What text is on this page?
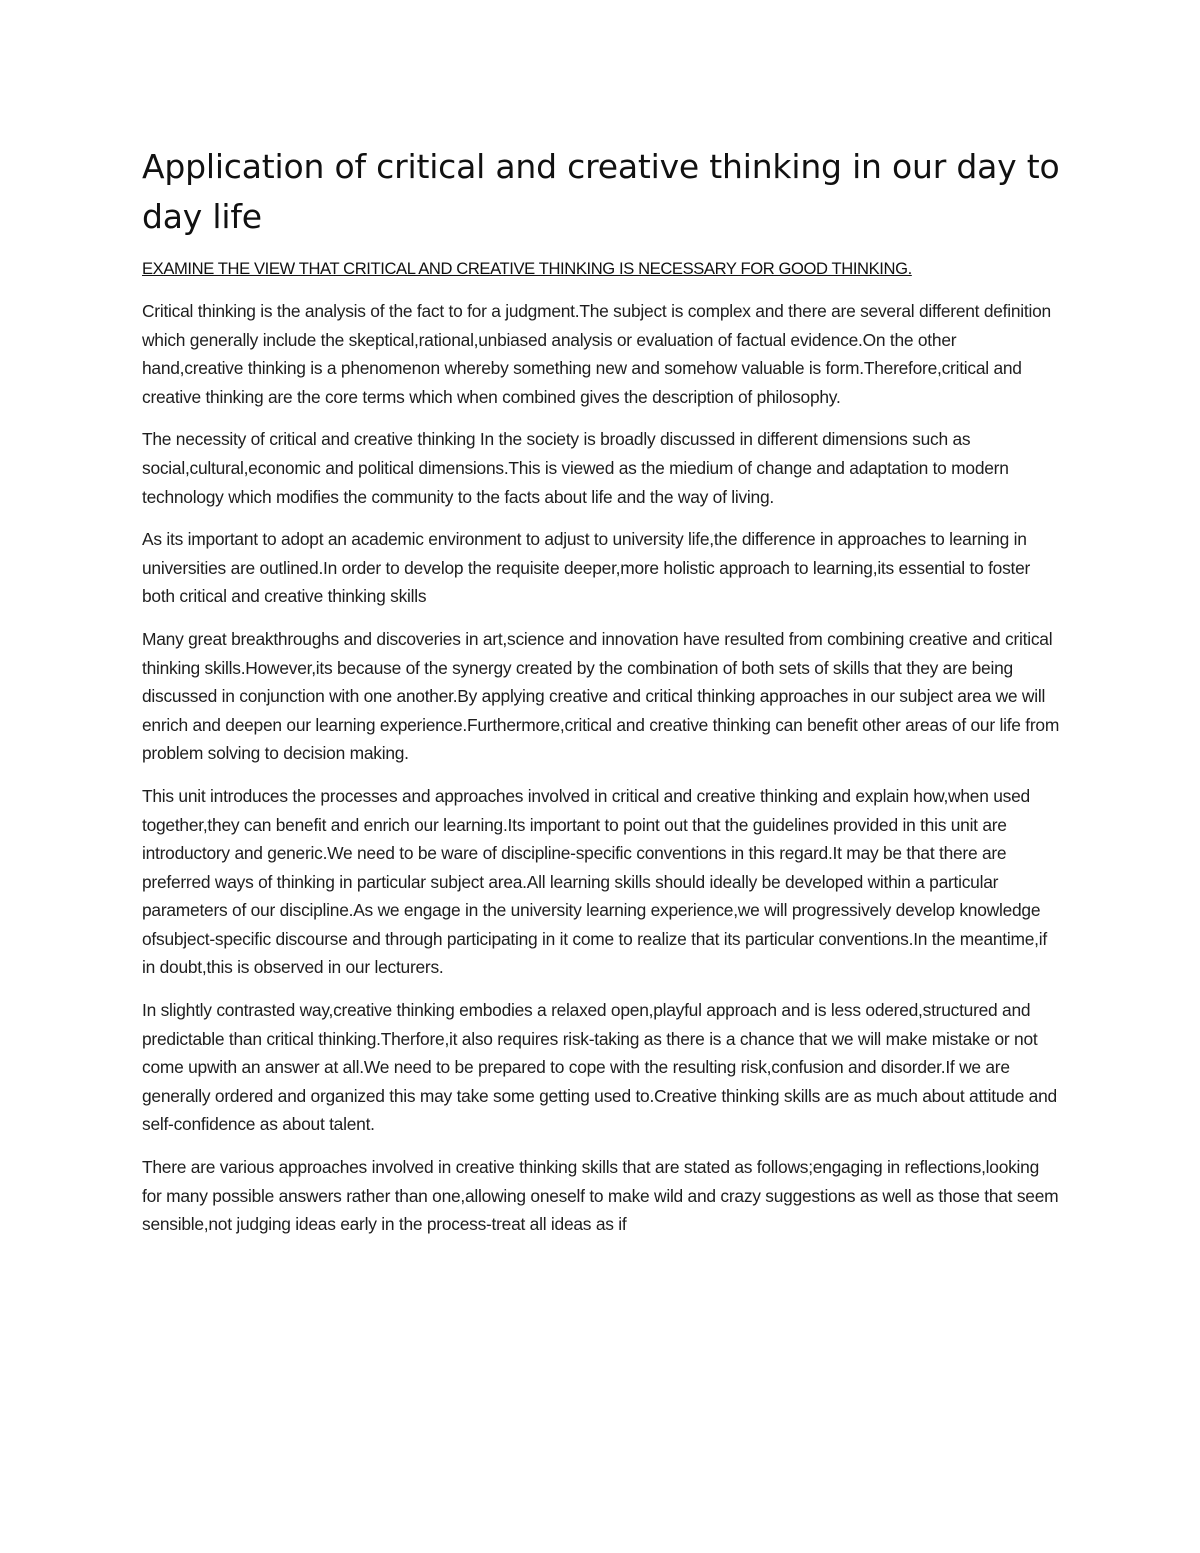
Application of critical and creative thinking in our day to day life
EXAMINE THE VIEW THAT CRITICAL AND CREATIVE THINKING IS NECESSARY FOR GOOD THINKING.

Critical thinking is the analysis of the fact to for a judgment.The subject is complex and there are several different definition which generally include the skeptical,rational,unbiased analysis or evaluation of factual evidence.On the other hand,creative thinking is a phenomenon whereby something new and somehow valuable is form.Therefore,critical and creative thinking are the core terms which when combined gives the description of philosophy.

The necessity of critical and creative thinking In the society is broadly discussed in different dimensions such as social,cultural,economic and political dimensions.This is viewed as the miedium of change and adaptation to modern technology which modifies the community to the facts about life and the way of living.

As its important to adopt an academic environment to adjust to university life,the difference in approaches to learning in universities are outlined.In order to develop the requisite deeper,more holistic approach to learning,its essential to foster both critical and creative thinking skills

Many great breakthroughs and discoveries in art,science and innovation have resulted from combining creative and critical thinking skills.However,its because of the synergy created by the combination of both sets of skills that they are being discussed in conjunction with one another.By applying creative and critical thinking approaches in our subject area we will enrich and deepen our learning experience.Furthermore,critical and creative thinking can benefit other areas of our life from problem solving to decision making.

This unit introduces the processes and approaches involved in critical and creative thinking and explain how,when used together,they can benefit and enrich our learning.Its important to point out that the guidelines provided in this unit are introductory and generic.We need to be ware of discipline-specific conventions in this regard.It may be that there are preferred ways of thinking in particular subject area.All learning skills should ideally be developed within a particular parameters of our discipline.As we engage in the university learning experience,we will progressively develop knowledge ofsubject-specific discourse and through participating in it come to realize that its particular conventions.In the meantime,if in doubt,this is observed in our lecturers.

In slightly contrasted way,creative thinking embodies a relaxed open,playful approach and is less odered,structured and predictable than critical thinking.Therfore,it also requires risk-taking as there is a chance that we will make mistake or not come upwith an answer at all.We need to be prepared to cope with the resulting risk,confusion and disorder.If we are generally ordered and organized this may take some getting used to.Creative thinking skills are as much about attitude and self-confidence as about talent.

There are various approaches involved in creative thinking skills that are stated as follows;engaging in reflections,looking for many possible answers rather than one,allowing oneself to make wild and crazy suggestions as well as those that seem sensible,not judging ideas early in the process-treat all ideas as if
